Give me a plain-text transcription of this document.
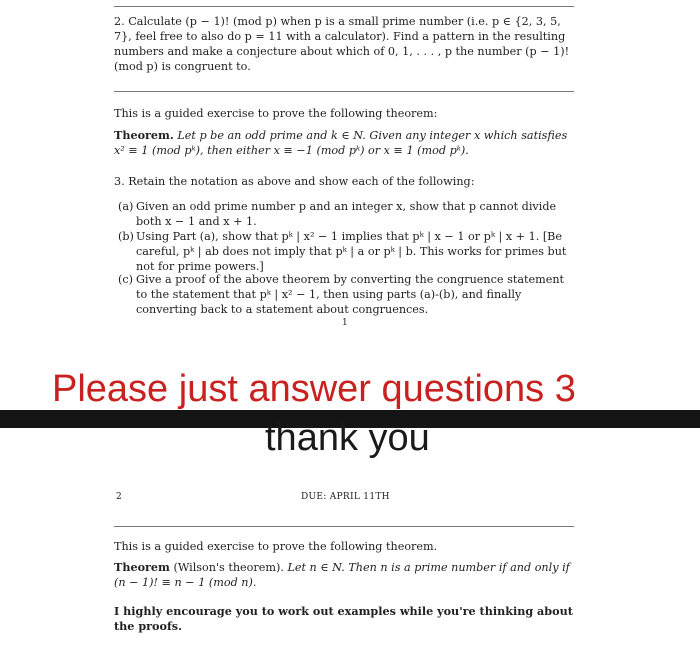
2. Calculate (p − 1)! (mod p) when p is a small prime number (i.e. p ∈ {2, 3, 5, 7}, feel free to also do p = 11 with a calculator). Find a pattern in the resulting numbers and make a conjecture about which of 0, 1, . . . , p the number (p − 1)! (mod p) is congruent to.
This is a guided exercise to prove the following theorem:
Theorem. Let p be an odd prime and k ∈ N. Given any integer x which satisfies x² ≡ 1 (mod pᵏ), then either x ≡ −1 (mod pᵏ) or x ≡ 1 (mod pᵏ).
3. Retain the notation as above and show each of the following:
(a) Given an odd prime number p and an integer x, show that p cannot divide both x − 1 and x + 1.
(b) Using Part (a), show that pᵏ | x² − 1 implies that pᵏ | x − 1 or pᵏ | x + 1. [Be careful, pᵏ | ab does not imply that pᵏ | a or pᵏ | b. This works for primes but not for prime powers.]
(c) Give a proof of the above theorem by converting the congruence statement to the statement that pᵏ | x² − 1, then using parts (a)-(b), and finally converting back to a statement about congruences.
1
2	DUE: APRIL 11TH
This is a guided exercise to prove the following theorem.
Theorem (Wilson's theorem). Let n ∈ N. Then n is a prime number if and only if (n − 1)! ≡ n − 1 (mod n).
I highly encourage you to work out examples while you're thinking about the proofs.
Please just answer questions 3
thank you
